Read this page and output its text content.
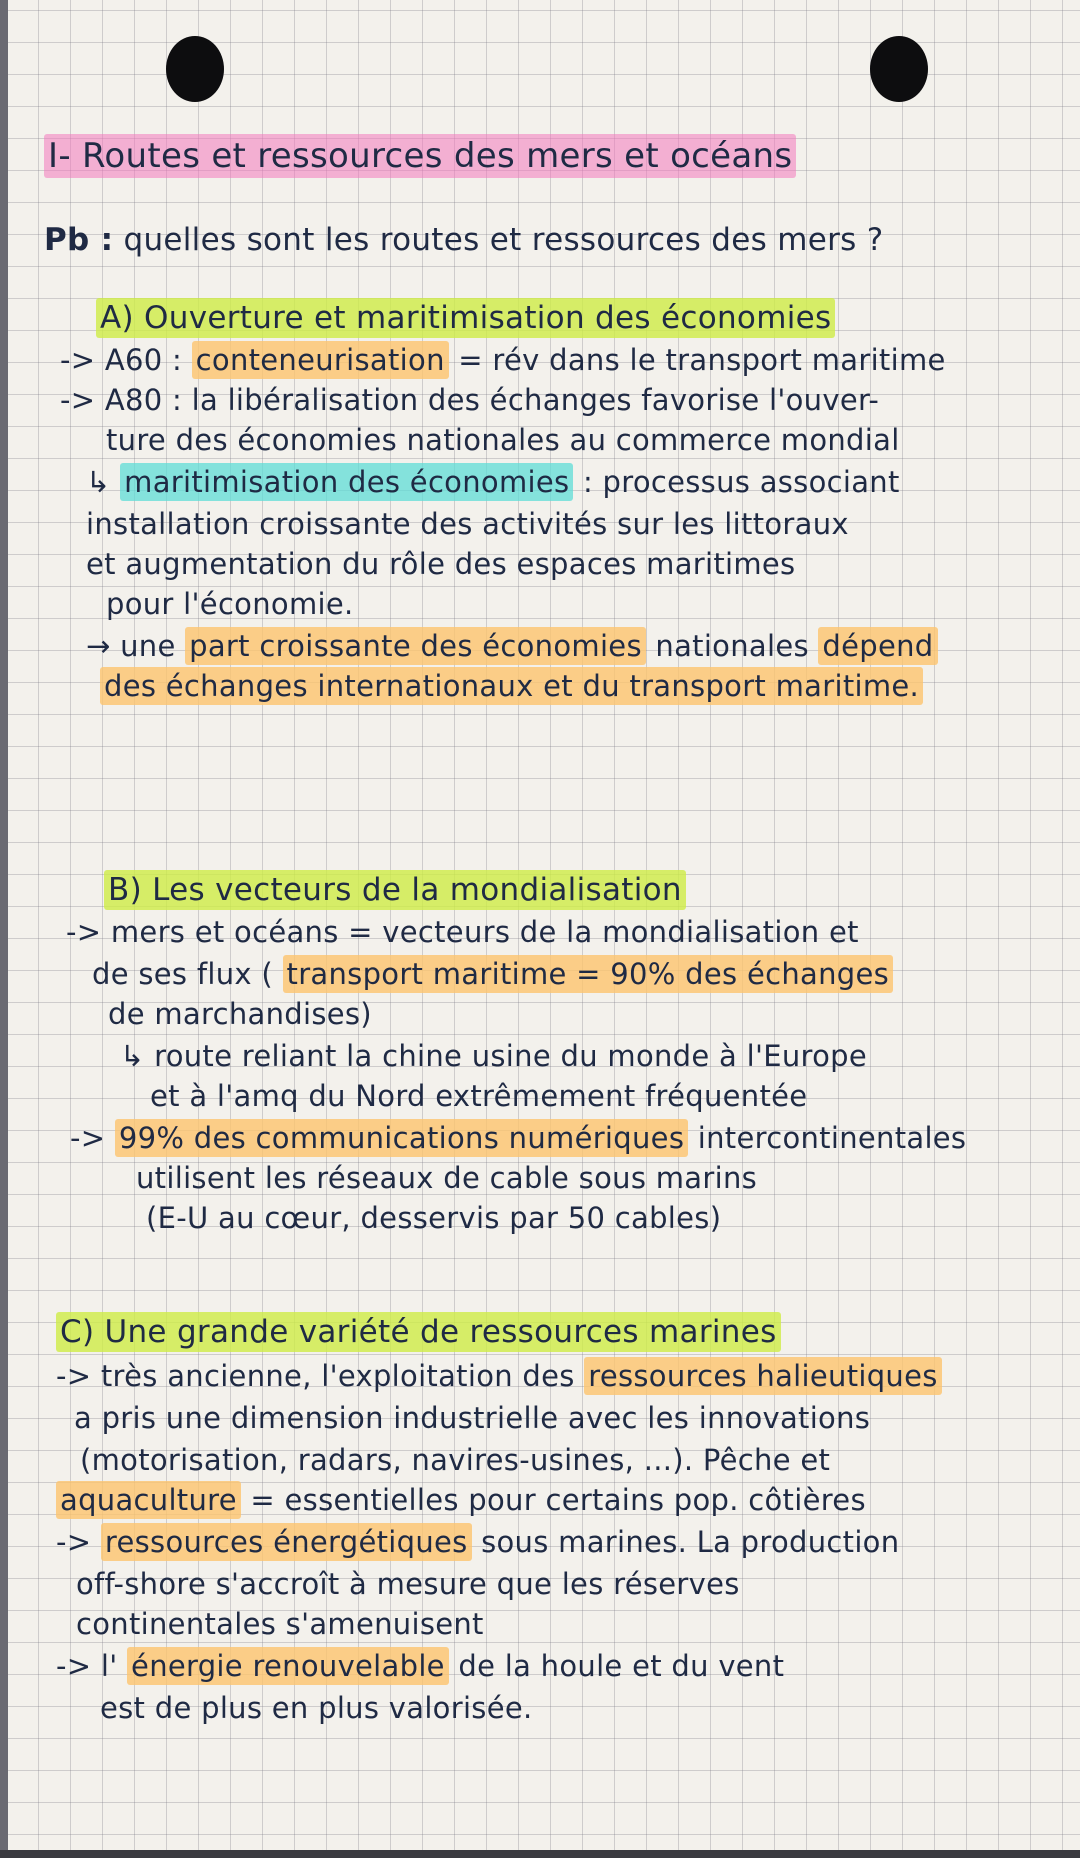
I- Routes et ressources des mers et océans
Pb : quelles sont les routes et ressources des mers ?
A) Ouverture et maritimisation des économies
-> A60 : conteneurisation = rév dans le transport maritime
-> A80 : la libéralisation des échanges favorise l'ouver-
ture des économies nationales au commerce mondial
↳ maritimisation des économies : processus associant
installation croissante des activités sur les littoraux
et augmentation du rôle des espaces maritimes
pour l'économie.
→ une part croissante des économies nationales dépend
des échanges internationaux et du transport maritime.
B) Les vecteurs de la mondialisation
-> mers et océans = vecteurs de la mondialisation et
de ses flux ( transport maritime = 90% des échanges
de marchandises)
↳ route reliant la chine usine du monde à l'Europe
et à l'amq du Nord extrêmement fréquentée
-> 99% des communications numériques intercontinentales
utilisent les réseaux de cable sous marins
(E-U au cœur, desservis par 50 cables)
C) Une grande variété de ressources marines
-> très ancienne, l'exploitation des ressources halieutiques
a pris une dimension industrielle avec les innovations
(motorisation, radars, navires-usines, ...). Pêche et
aquaculture = essentielles pour certains pop. côtières
-> ressources énergétiques sous marines. La production
off-shore s'accroît à mesure que les réserves
continentales s'amenuisent
-> l' énergie renouvelable de la houle et du vent
est de plus en plus valorisée.
